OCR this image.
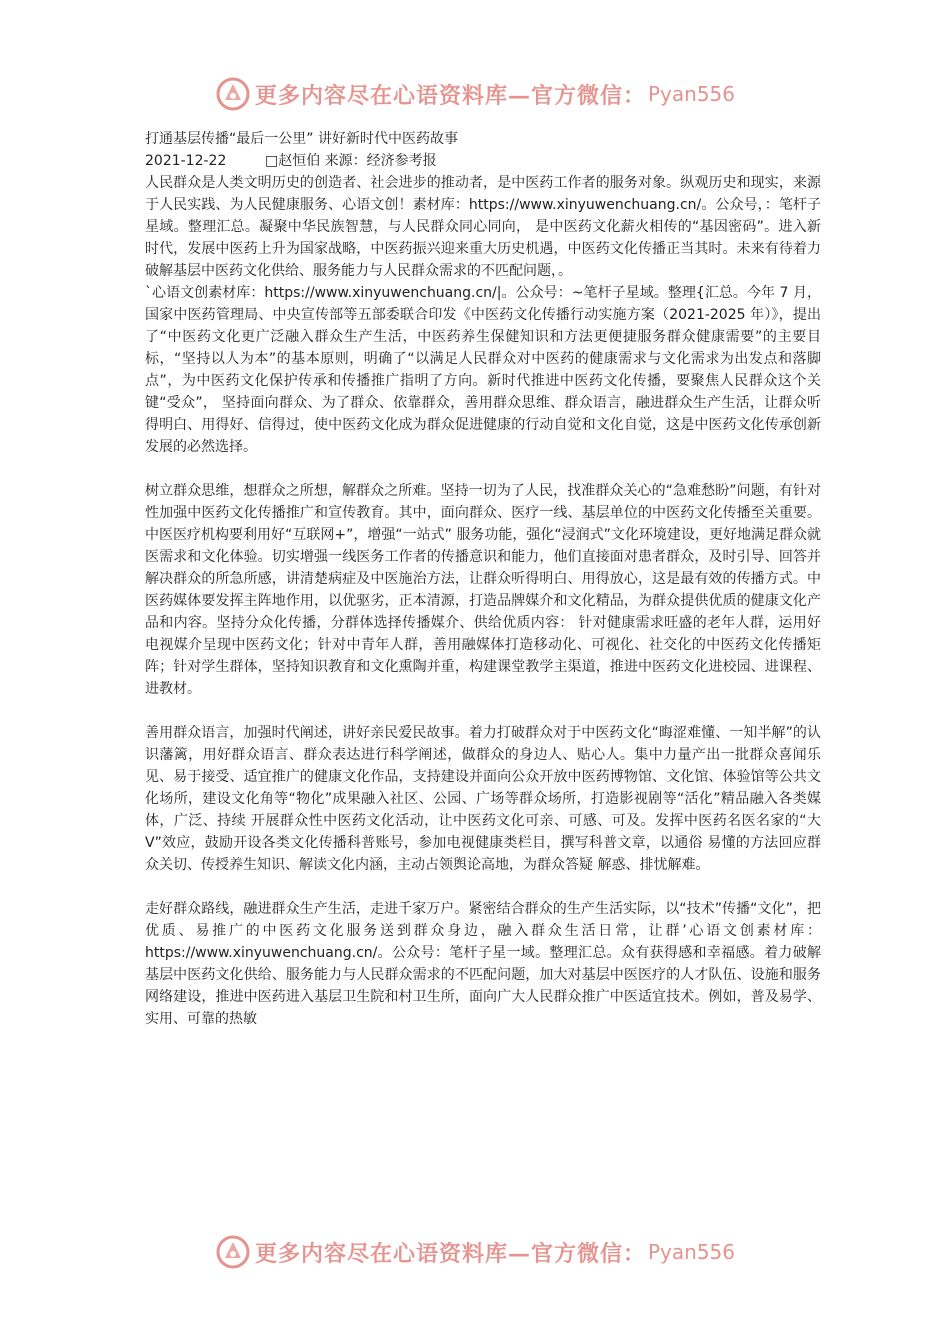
更多内容尽在心语资料库—官方微信： Pyan556

打通基层传播“最后一公里” 讲好新时代中医药故事

2021-12-22	□赵恒伯 来源：经济参考报

人民群众是人类文明历史的创造者、社会进步的推动者，是中医药工作者的服务对象。纵观历史和现实，来源于人民实践、为人民健康服务、心语文创！素材库：https://www.xinyuwenchuang.cn/。公众号，：笔杆子星域。整理汇总。凝聚中华民族智慧，与人民群众同心同向， 是中医药文化薪火相传的“基因密码”。进入新时代，发展中医药上升为国家战略，中医药振兴迎来重大历史机遇，中医药文化传播正当其时。未来有待着力破解基层中医药文化供给、服务能力与人民群众需求的不匹配问题，。

`心语文创素材库：https://www.xinyuwenchuang.cn/|。公众号：~笔杆子星域。整理{汇总。今年 7 月，国家中医药管理局、中央宣传部等五部委联合印发《中医药文化传播行动实施方案（2021-2025 年）》，提出了“中医药文化更广泛融入群众生产生活，中医药养生保健知识和方法更便捷服务群众健康需要”的主要目标，“坚持以人为本”的基本原则，明确了“以满足人民群众对中医药的健康需求与文化需求为出发点和落脚点”，为中医药文化保护传承和传播推广指明了方向。新时代推进中医药文化传播，要聚焦人民群众这个关键“受众”， 坚持面向群众、为了群众、依靠群众，善用群众思维、群众语言，融进群众生产生活，让群众听得明白、用得好、信得过，使中医药文化成为群众促进健康的行动自觉和文化自觉，这是中医药文化传承创新发展的必然选择。

树立群众思维，想群众之所想，解群众之所难。坚持一切为了人民，找准群众关心的“急难愁盼”问题，有针对性加强中医药文化传播推广和宣传教育。其中，面向群众、医疗一线、基层单位的中医药文化传播至关重要。中医医疗机构要利用好“互联网+”，增强“一站式” 服务功能，强化“浸润式”文化环境建设，更好地满足群众就医需求和文化体验。切实增强一线医务工作者的传播意识和能力，他们直接面对患者群众，及时引导、回答并解决群众的所急所感，讲清楚病症及中医施治方法，让群众听得明白、用得放心，这是最有效的传播方式。中医药媒体要发挥主阵地作用，以优驱劣，正本清源，打造品牌媒介和文化精品，为群众提供优质的健康文化产品和内容。坚持分众化传播，分群体选择传播媒介、供给优质内容： 针对健康需求旺盛的老年人群，运用好电视媒介呈现中医药文化；针对中青年人群，善用融媒体打造移动化、可视化、社交化的中医药文化传播矩阵；针对学生群体，坚持知识教育和文化熏陶并重，构建课堂教学主渠道，推进中医药文化进校园、进课程、进教材。

善用群众语言，加强时代阐述，讲好亲民爱民故事。着力打破群众对于中医药文化“晦涩难懂、一知半解”的认识藩篱，用好群众语言、群众表达进行科学阐述，做群众的身边人、贴心人。集中力量产出一批群众喜闻乐见、易于接受、适宜推广的健康文化作品，支持建设并面向公众开放中医药博物馆、文化馆、体验馆等公共文化场所，建设文化角等“物化”成果融入社区、公园、广场等群众场所，打造影视剧等“活化”精品融入各类媒体，广泛、持续 开展群众性中医药文化活动，让中医药文化可亲、可感、可及。发挥中医药名医名家的“大 V”效应，鼓励开设各类文化传播科普账号，参加电视健康类栏目，撰写科普文章，以通俗 易懂的方法回应群众关切、传授养生知识、解读文化内涵，主动占领舆论高地，为群众答疑 解惑、排忧解难。

走好群众路线，融进群众生产生活，走进千家万户。紧密结合群众的生产生活实际，以“技术”传播“文化”，把优质、易推广的中医药文化服务送到群众身边，融入群众生活日常，让群’心语文创素材库：https://www.xinyuwenchuang.cn/。公众号：笔杆子星一域。整理汇总。众有获得感和幸福感。着力破解基层中医药文化供给、服务能力与人民群众需求的不匹配问题，加大对基层中医医疗的人才队伍、设施和服务网络建设，推进中医药进入基层卫生院和村卫生所，面向广大人民群众推广中医适宜技术。例如，普及易学、实用、可靠的热敏

更多内容尽在心语资料库—官方微信： Pyan556
